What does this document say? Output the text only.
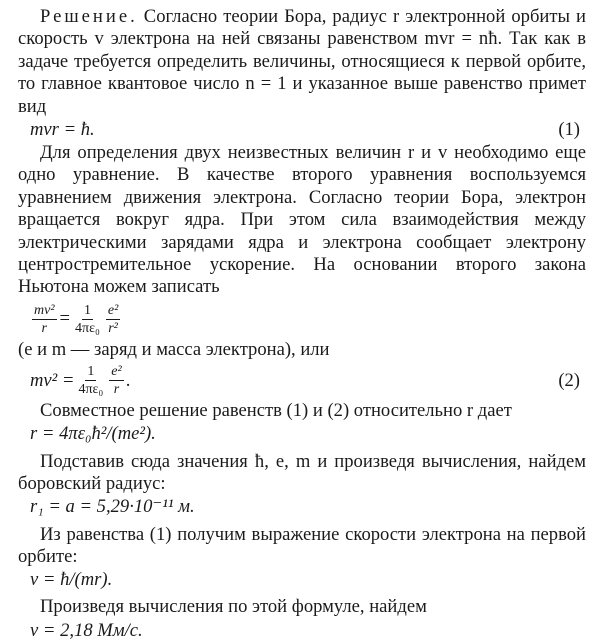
Решение. Согласно теории Бора, радиус r электронной орбиты и скорость v электрона на ней связаны равенством mvr = nħ. Так как в задаче требуется определить величины, относящиеся к первой орбите, то главное квантовое число n = 1 и указанное выше равенство примет вид

mvr = ħ.	(1)

Для определения двух неизвестных величин r и v необходимо еще одно уравнение. В качестве второго уравнения воспользуемся уравнением движения электрона. Согласно теории Бора, электрон вращается вокруг ядра. При этом сила взаимодействия между электрическими зарядами ядра и электрона сообщает электрону центростремительное ускорение. На основании второго закона Ньютона можем записать

$\frac{\text{mv²}}{r} = \frac{1}{\text{4πε₀}} \frac{\text{e²}}{\text{r²}}$

(e и m — заряд и масса электрона), или

$mv^2 = \frac{1}{\text{4πε₀}} \frac{\text{e²}}{r}$ .	(2)

Совместное решение равенств (1) и (2) относительно r дает

r = 4πε₀ħ²/(me²).

Подставив сюда значения ħ, e, m и произведя вычисления, найдем боровский радиус:

r₁ = a = 5,29·10⁻¹¹ м.

Из равенства (1) получим выражение скорости электрона на первой орбите:

v = ħ/(mr).

Произведя вычисления по этой формуле, найдем

v = 2,18 Мм/с.
